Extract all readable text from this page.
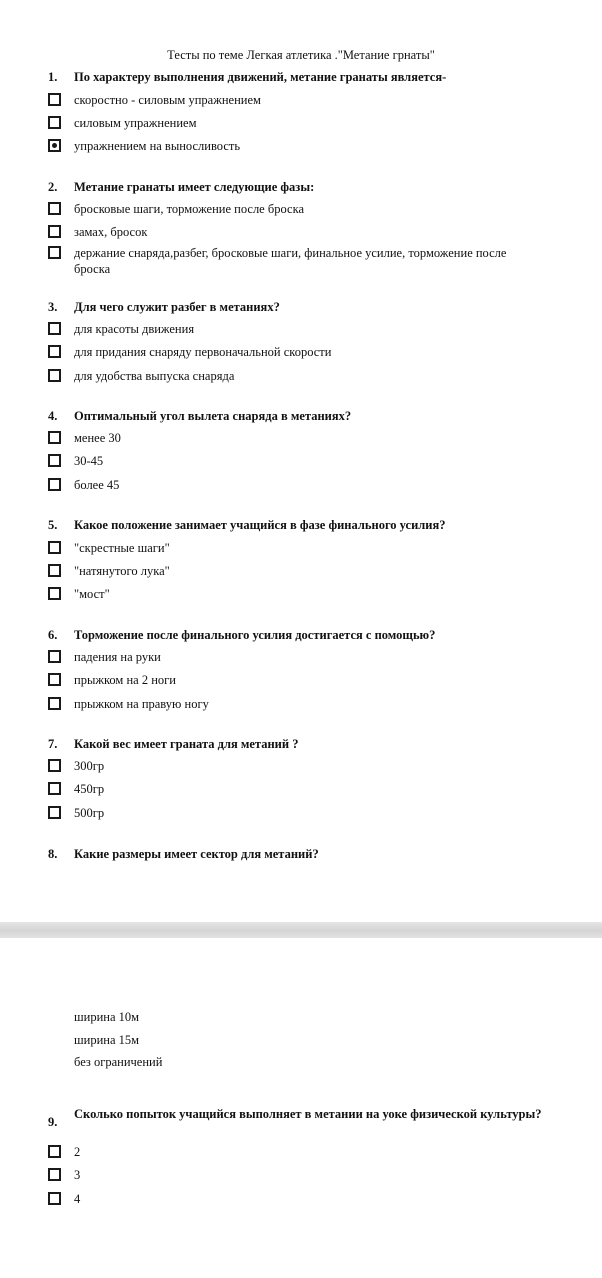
Тесты по теме Легкая атлетика ."Метание грнаты"
1. По характеру выполнения движений, метание гранаты является-
скоростно - силовым упражнением
силовым упражнением
упражнением на выносливость
2. Метание гранаты имеет следующие фазы:
бросковые шаги, торможение после броска
замах, бросок
держание снаряда,разбег, бросковые шаги, финальное усилие, торможение после броска
3. Для чего служит разбег в метаниях?
для красоты движения
для придания снаряду первоначальной скорости
для удобства выпуска снаряда
4. Оптимальный угол вылета снаряда в метаниях?
менее 30
30-45
более 45
5. Какое положение занимает учащийся в фазе финального усилия?
"скрестные шаги"
"натянутого лука"
"мост"
6. Торможение после финального усилия достигается с помощью?
падения на руки
прыжком на 2 ноги
прыжком на правую ногу
7. Какой вес имеет граната для метаний ?
300гр
450гр
500гр
8. Какие размеры имеет сектор для метаний?
ширина 10м
ширина 15м
без ограничений
9.
Сколько попыток учащийся выполняет в метании на уоке физической культуры?
2
3
4
